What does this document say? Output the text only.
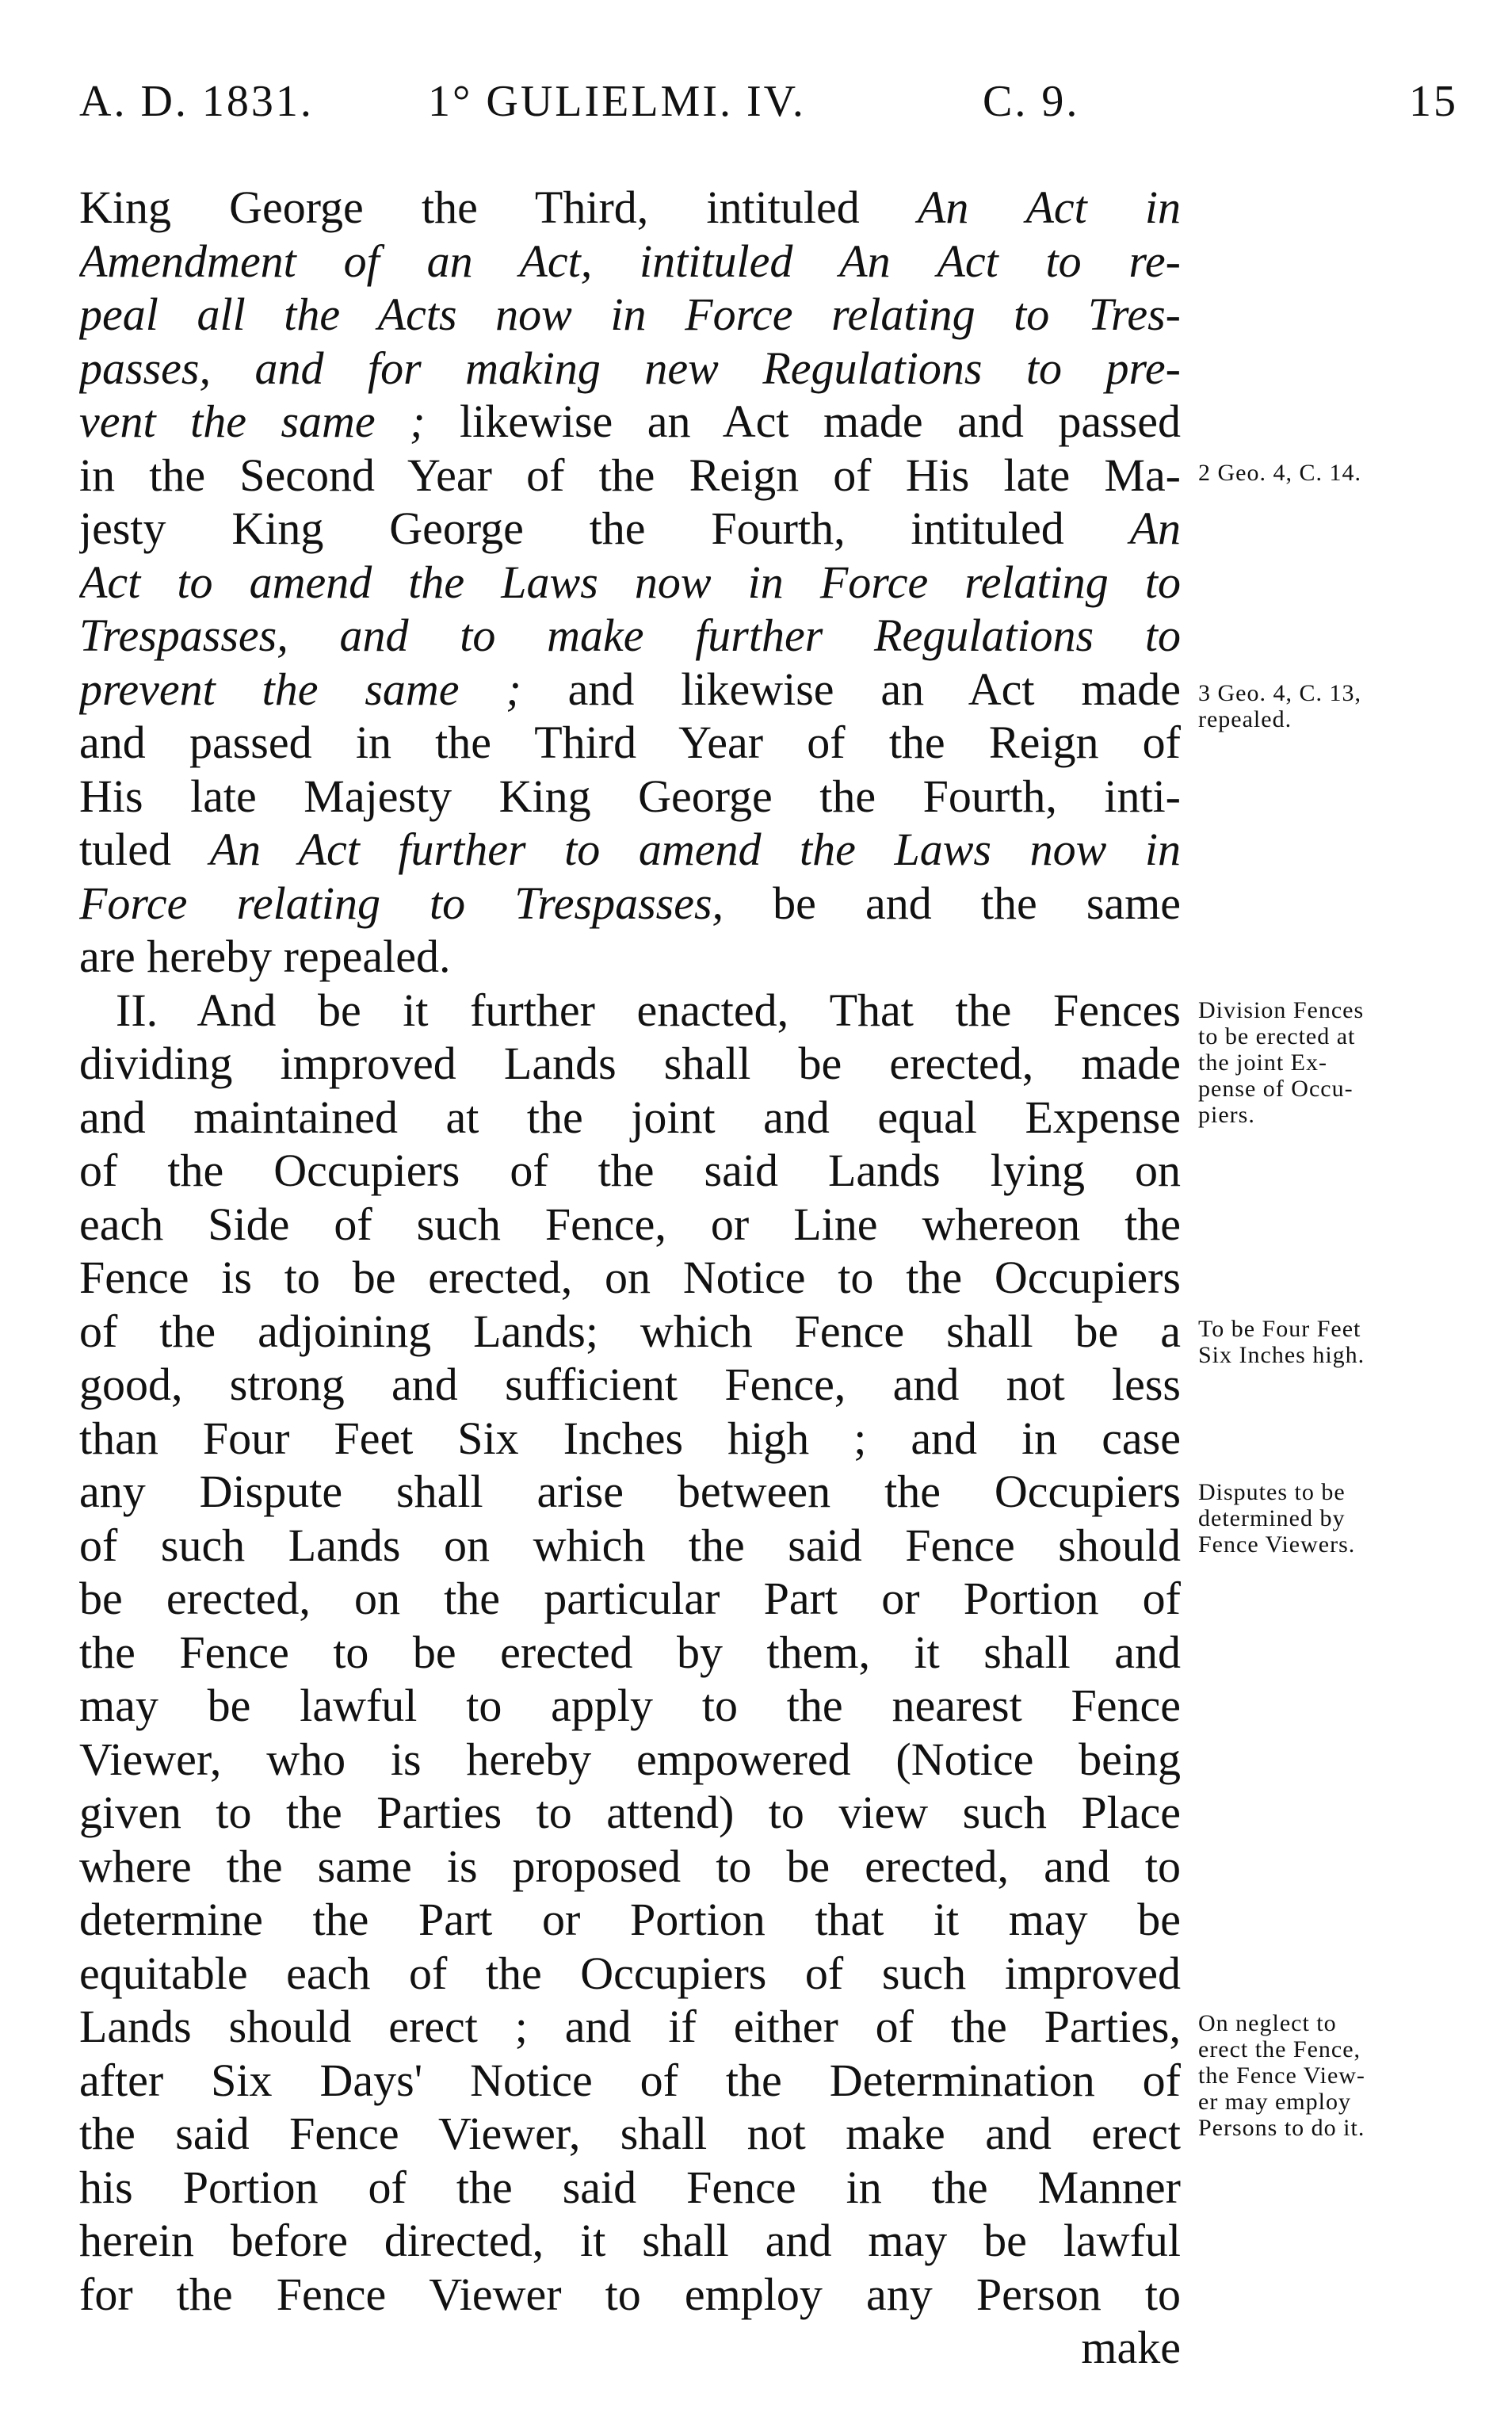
A. D. 1831.	1° GULIELMI. IV.	C. 9.	15
King George the Third, intituled An Act in
Amendment of an Act, intituled An Act to re-
peal all the Acts now in Force relating to Tres-
passes, and for making new Regulations to pre-
vent the same ; likewise an Act made and passed
in the Second Year of the Reign of His late Ma-
jesty King George the Fourth, intituled An
Act to amend the Laws now in Force relating to
Trespasses, and to make further Regulations to
prevent the same ; and likewise an Act made
and passed in the Third Year of the Reign of
His late Majesty King George the Fourth, inti-
tuled An Act further to amend the Laws now in
Force relating to Trespasses, be and the same
are hereby repealed.
II. And be it further enacted, That the Fences
dividing improved Lands shall be erected, made
and maintained at the joint and equal Expense
of the Occupiers of the said Lands lying on
each Side of such Fence, or Line whereon the
Fence is to be erected, on Notice to the Occupiers
of the adjoining Lands; which Fence shall be a
good, strong and sufficient Fence, and not less
than Four Feet Six Inches high ; and in case
any Dispute shall arise between the Occupiers
of such Lands on which the said Fence should
be erected, on the particular Part or Portion of
the Fence to be erected by them, it shall and
may be lawful to apply to the nearest Fence
Viewer, who is hereby empowered (Notice being
given to the Parties to attend) to view such Place
where the same is proposed to be erected, and to
determine the Part or Portion that it may be
equitable each of the Occupiers of such improved
Lands should erect ; and if either of the Parties,
after Six Days' Notice of the Determination of
the said Fence Viewer, shall not make and erect
his Portion of the said Fence in the Manner
herein before directed, it shall and may be lawful
for the Fence Viewer to employ any Person to
make
2 Geo. 4, C. 14.
3 Geo. 4, C. 13,
repealed.
Division Fences
to be erected at
the joint Ex-
pense of Occu-
piers.
To be Four Feet
Six Inches high.
Disputes to be
determined by
Fence Viewers.
On neglect to
erect the Fence,
the Fence View-
er may employ
Persons to do it.
